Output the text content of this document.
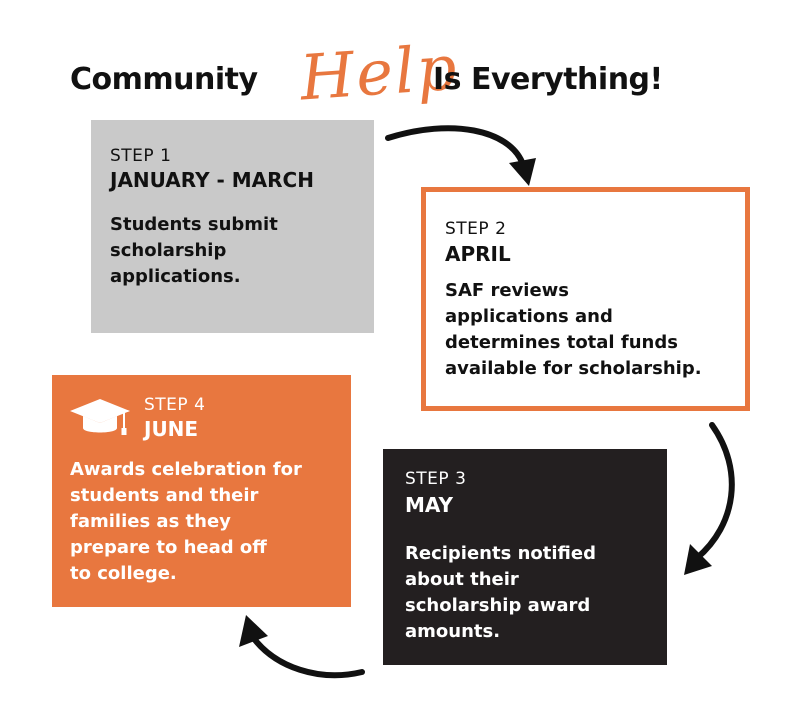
Community Help
Is Everything!
STEP 1
JANUARY - MARCH
Students submit
scholarship
applications.
STEP 2
APRIL
SAF reviews
applications and
determines total funds
available for scholarship.
STEP 3
MAY
Recipients notified
about their
scholarship award
amounts.
STEP 4
JUNE
Awards celebration for
students and their
families as they
prepare to head off
to college.
